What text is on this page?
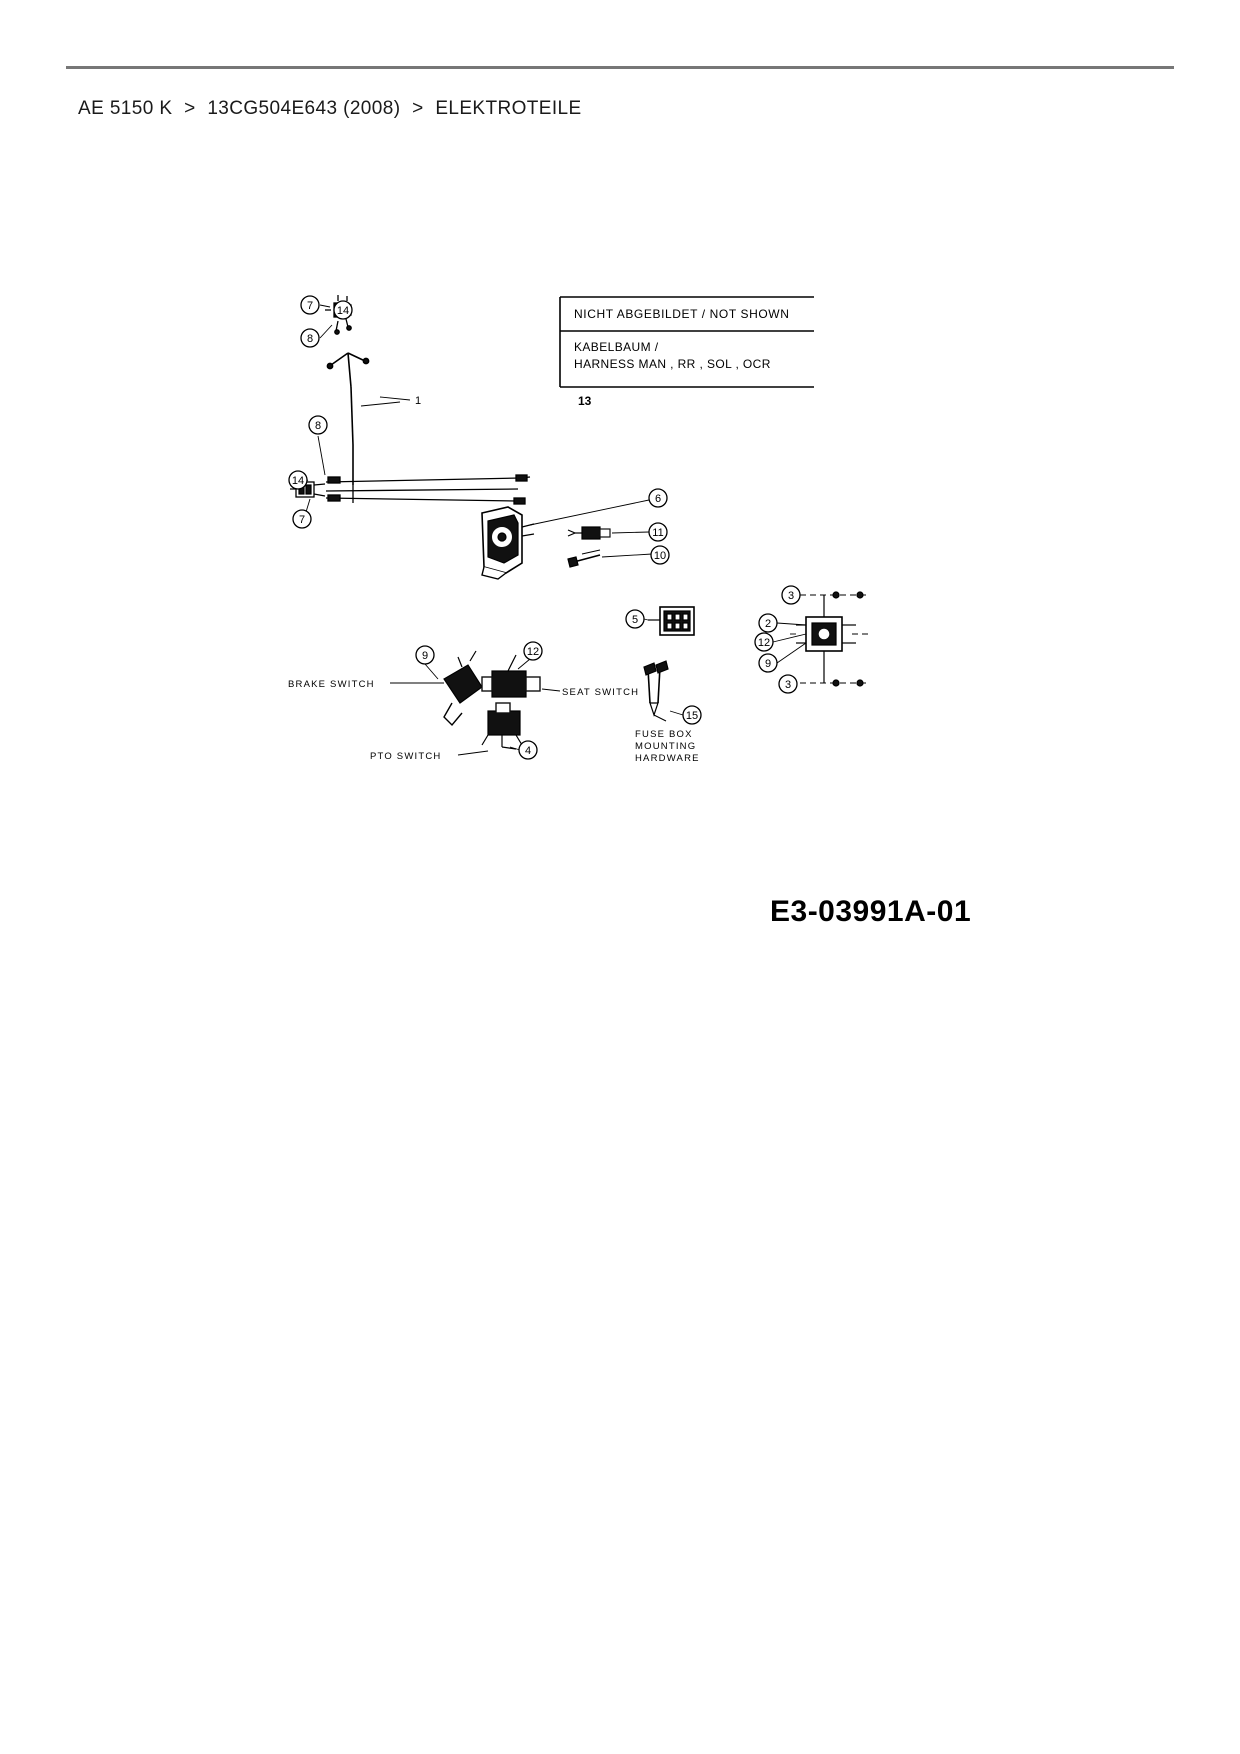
AE 5150 K > 13CG504E643 (2008) > ELEKTROTEILE
NICHT ABGEBILDET / NOT SHOWN
KABELBAUM /
HARNESS MAN , RR , SOL , OCR
13
BRAKE SWITCH
SEAT SWITCH
PTO SWITCH
FUSE BOX
MOUNTING
HARDWARE
7 14
8
1
8
14
7
6
11
10
5
3
2
12
9
3
9	12
4
15
E3-03991A-01
